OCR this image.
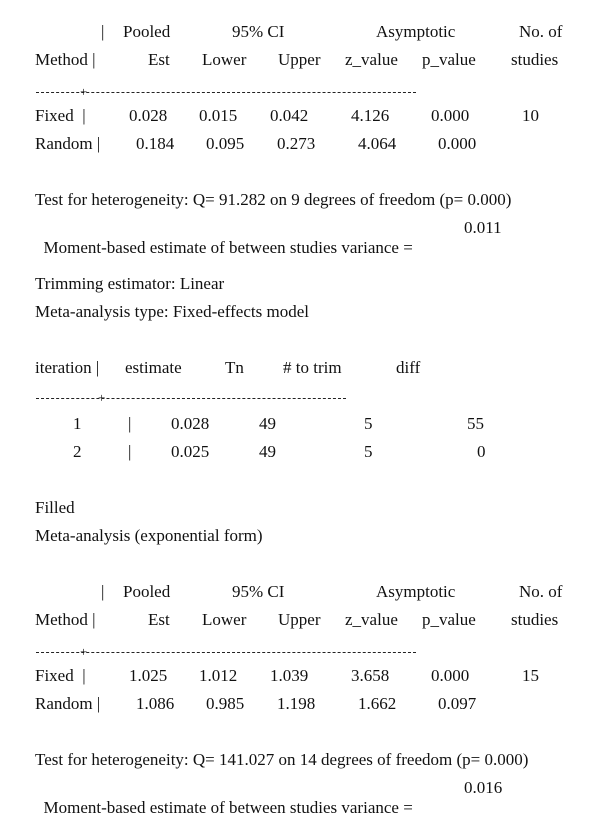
| Pooled	95% CI	Asymptotic	No. of
Method |	Est Lower Upper z_value p_value studies
Fixed  |	0.028 0.015 0.042	4.126 0.000	10
Random | 0.184 0.095 0.273	4.064 0.000
Test for heterogeneity: Q= 91.282 on 9 degrees of freedom (p= 0.000)

Moment-based estimate of between studies variance =

0.011
Trimming estimator: Linear
Meta-analysis type: Fixed-effects model
iteration | estimate	Tn # to trim	diff
1	| 0.028	49	5	55
2	| 0.025	49	5	0
Filled
Meta-analysis (exponential form)
| Pooled	95% CI	Asymptotic	No. of
Method |	Est Lower Upper z_value p_value studies
Fixed  |	1.025 1.012 1.039	3.658 0.000	15
Random | 1.086 0.985 1.198	1.662 0.097
Test for heterogeneity: Q= 141.027 on 14 degrees of freedom (p= 0.000)

Moment-based estimate of between studies variance =

0.016
+
+
+
